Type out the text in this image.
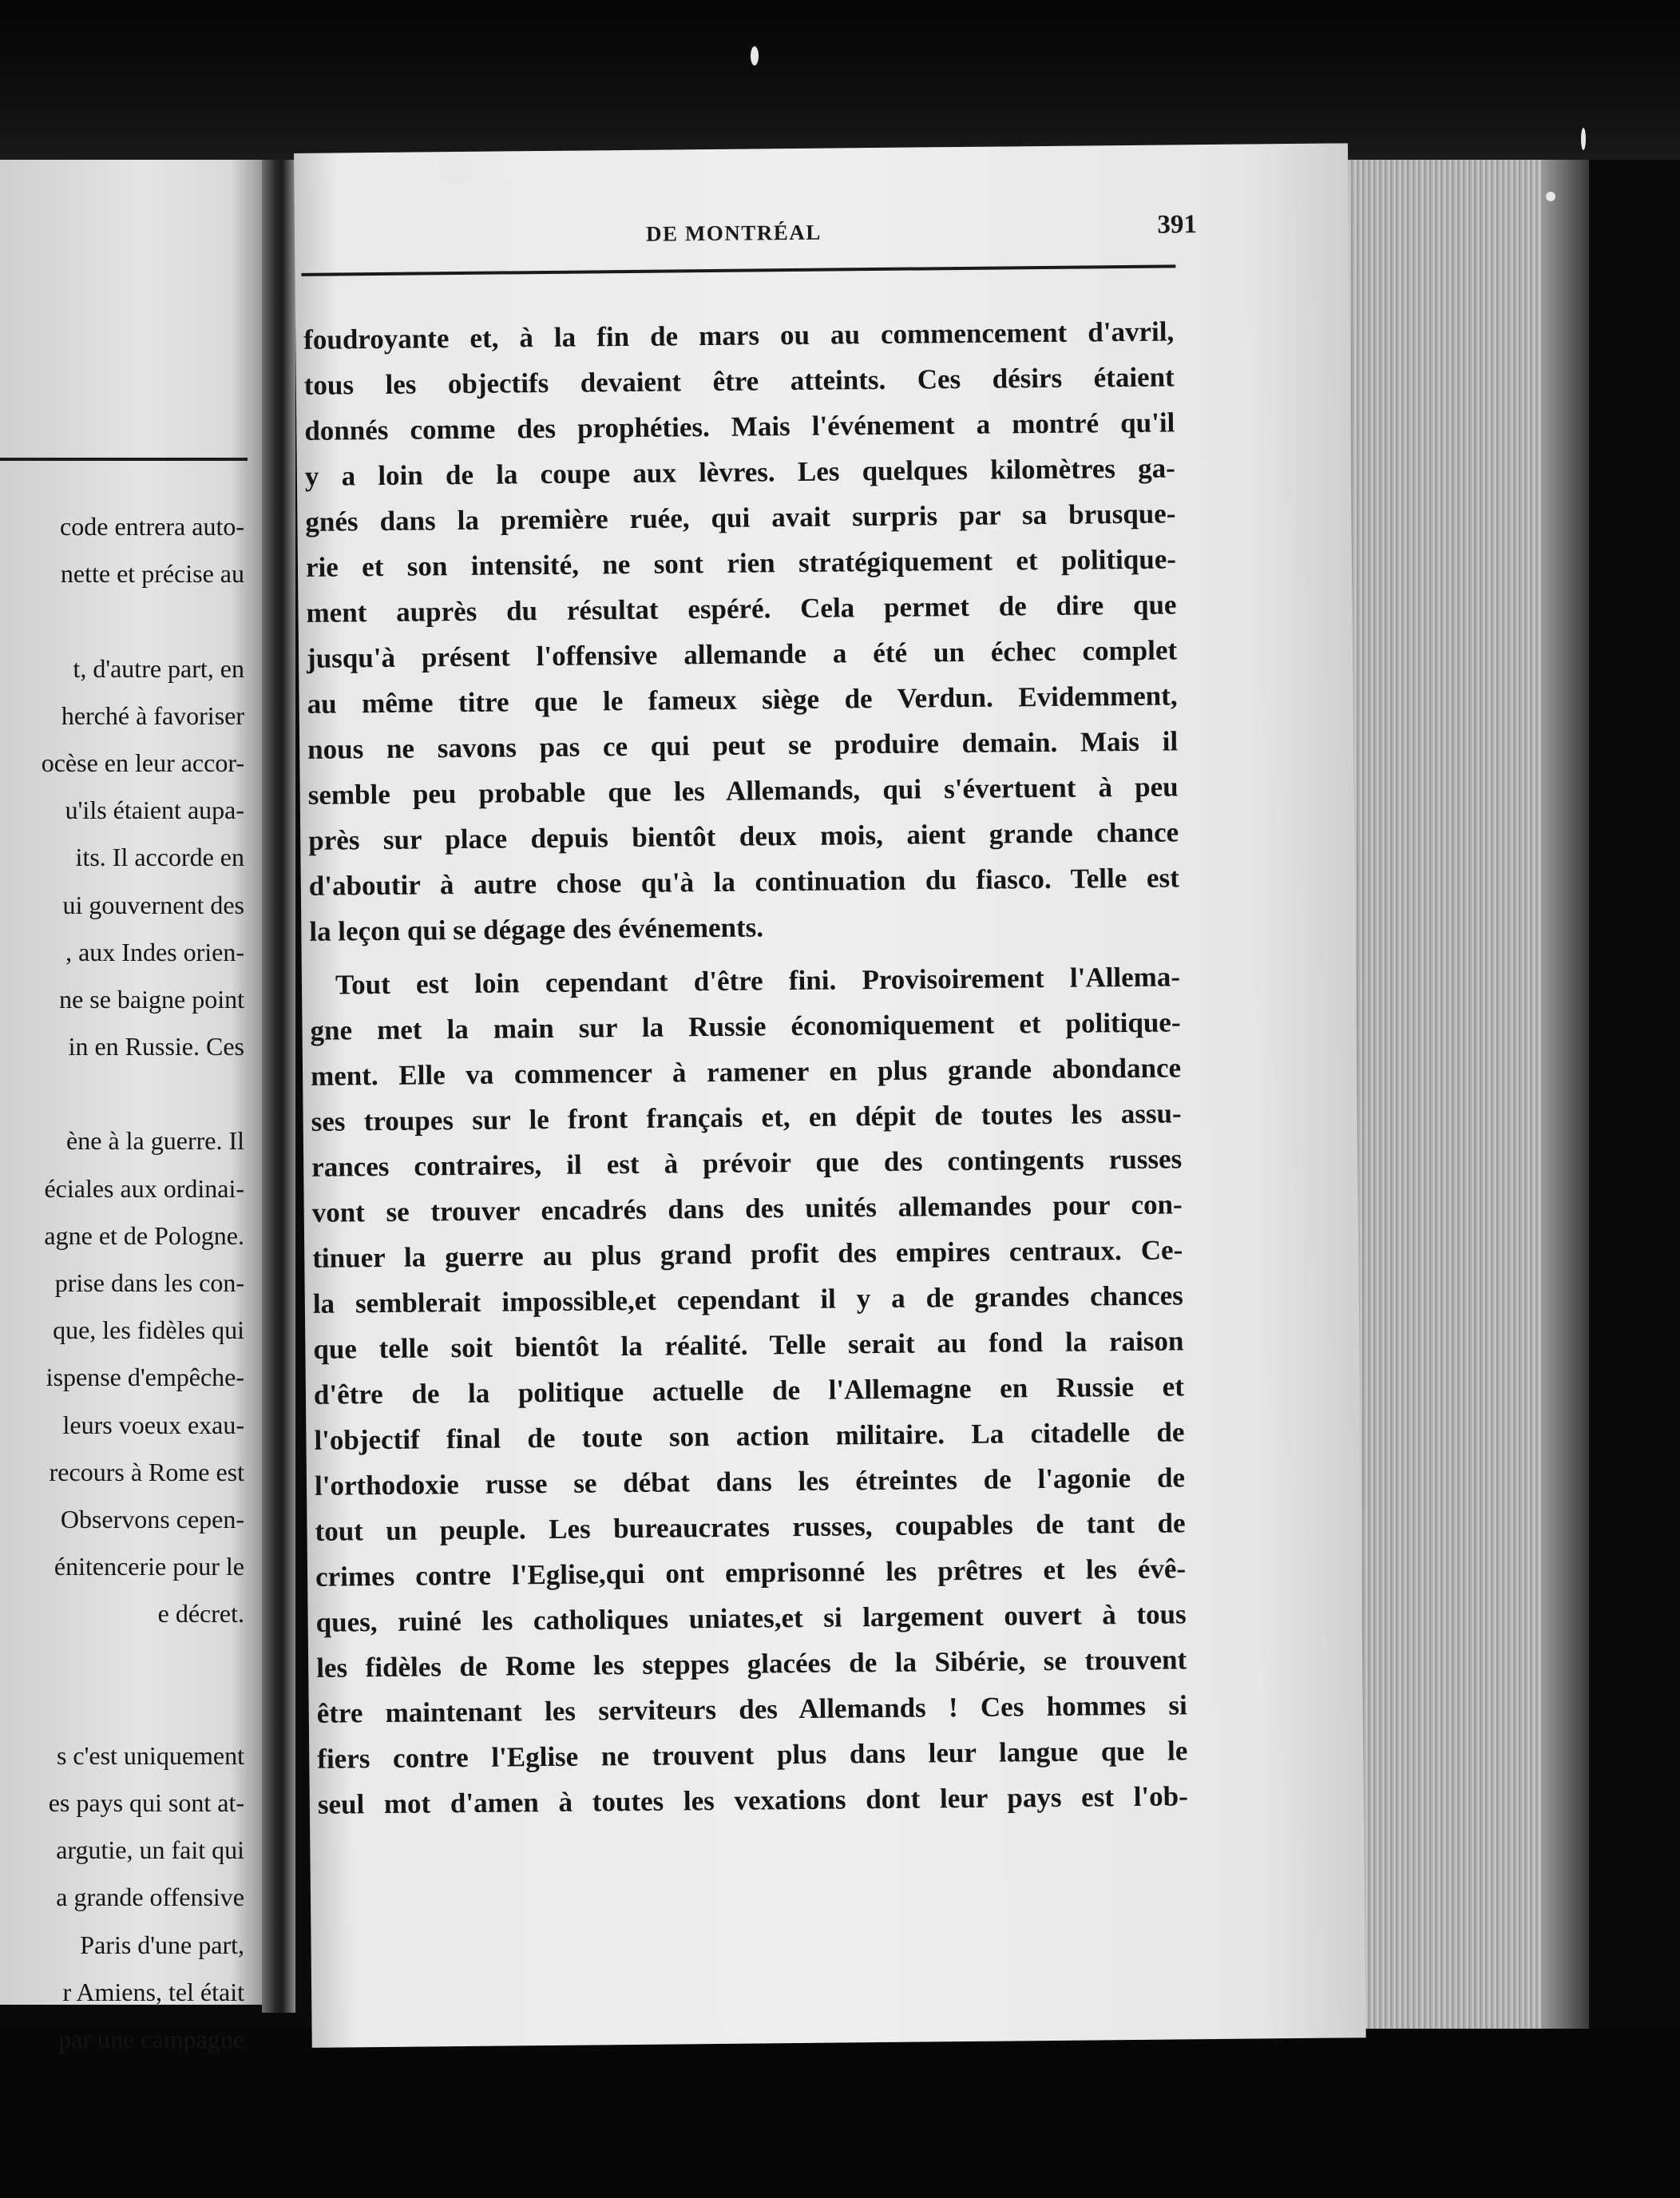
code entrera auto-
nette et précise au
t, d'autre part, en
herché à favoriser
ocèse en leur accor-
u'ils étaient aupa-
its. Il accorde en
ui gouvernent des
, aux Indes orien-
ne se baigne point
in en Russie. Ces
ène à la guerre. Il
éciales aux ordinai-
agne et de Pologne.
prise dans les con-
que, les fidèles qui
ispense d'empêche-
leurs voeux exau-
recours à Rome est
Observons cepen-
énitencerie pour le
e décret.
s c'est uniquement
es pays qui sont at-
argutie, un fait qui
a grande offensive
Paris d'une part,
r Amiens, tel était
par une campagne
DE MONTRÉAL	391
foudroyante et, à la fin de mars ou au commencement d'avril,
tous les objectifs devaient être atteints. Ces désirs étaient
donnés comme des prophéties. Mais l'événement a montré qu'il
y a loin de la coupe aux lèvres. Les quelques kilomètres ga-
gnés dans la première ruée, qui avait surpris par sa brusque-
rie et son intensité, ne sont rien stratégiquement et politique-
ment auprès du résultat espéré. Cela permet de dire que
jusqu'à présent l'offensive allemande a été un échec complet
au même titre que le fameux siège de Verdun. Evidemment,
nous ne savons pas ce qui peut se produire demain. Mais il
semble peu probable que les Allemands, qui s'évertuent à peu
près sur place depuis bientôt deux mois, aient grande chance
d'aboutir à autre chose qu'à la continuation du fiasco. Telle est
la leçon qui se dégage des événements.
Tout est loin cependant d'être fini. Provisoirement l'Allema-
gne met la main sur la Russie économiquement et politique-
ment. Elle va commencer à ramener en plus grande abondance
ses troupes sur le front français et, en dépit de toutes les assu-
rances contraires, il est à prévoir que des contingents russes
vont se trouver encadrés dans des unités allemandes pour con-
tinuer la guerre au plus grand profit des empires centraux. Ce-
la semblerait impossible,et cependant il y a de grandes chances
que telle soit bientôt la réalité. Telle serait au fond la raison
d'être de la politique actuelle de l'Allemagne en Russie et
l'objectif final de toute son action militaire. La citadelle de
l'orthodoxie russe se débat dans les étreintes de l'agonie de
tout un peuple. Les bureaucrates russes, coupables de tant de
crimes contre l'Eglise,qui ont emprisonné les prêtres et les évê-
ques, ruiné les catholiques uniates,et si largement ouvert à tous
les fidèles de Rome les steppes glacées de la Sibérie, se trouvent
être maintenant les serviteurs des Allemands ! Ces hommes si
fiers contre l'Eglise ne trouvent plus dans leur langue que le
seul mot d'amen à toutes les vexations dont leur pays est l'ob-
